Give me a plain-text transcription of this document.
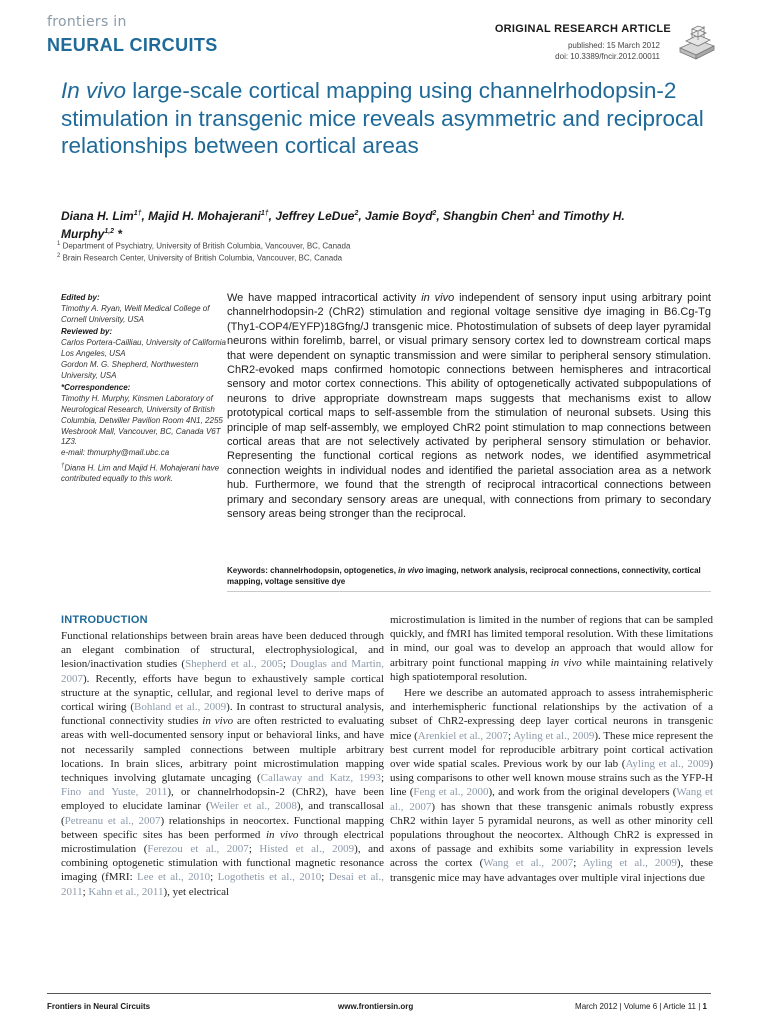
frontiers in
NEURAL CIRCUITS
ORIGINAL RESEARCH ARTICLE
published: 15 March 2012
doi: 10.3389/fncir.2012.00011
In vivo large-scale cortical mapping using channelrhodopsin-2 stimulation in transgenic mice reveals asymmetric and reciprocal relationships between cortical areas
Diana H. Lim$^{1\dagger}$, Majid H. Mohajerani$^{1\dagger}$, Jeffrey LeDue$^2$, Jamie Boyd$^2$, Shangbin Chen$^1$ and Timothy H. Murphy$^{1,2}$ *
$^1$ Department of Psychiatry, University of British Columbia, Vancouver, BC, Canada
$^2$ Brain Research Center, University of British Columbia, Vancouver, BC, Canada

Edited by:

Timothy A. Ryan, Weill Medical College of Cornell University, USA

Reviewed by:

Carlos Portera-Cailliau, University of California Los Angeles, USA

Gordon M. G. Shepherd, Northwestern University, USA

*Correspondence:

Timothy H. Murphy, Kinsmen Laboratory of Neurological Research, University of British Columbia, Detwiller Pavilion Room 4N1, 2255 Wesbrook Mall, Vancouver, BC, Canada V6T 1Z3.

e-mail: thmurphy@mail.ubc.ca

†Diana H. Lim and Majid H. Mohajerani have contributed equally to this work.

We have mapped intracortical activity in vivo independent of sensory input using arbitrary point channelrhodopsin-2 (ChR2) stimulation and regional voltage sensitive dye imaging in B6.Cg-Tg (Thy1-COP4/EYFP)18Gfng/J transgenic mice. Photostimulation of subsets of deep layer pyramidal neurons within forelimb, barrel, or visual primary sensory cortex led to downstream cortical maps that were dependent on synaptic transmission and were similar to peripheral sensory stimulation. ChR2-evoked maps confirmed homotopic connections between hemispheres and intracortical sensory and motor cortex connections. This ability of optogenetically activated subpopulations of neurons to drive appropriate downstream maps suggests that mechanisms exist to allow prototypical cortical maps to self-assemble from the stimulation of neuronal subsets. Using this principle of map self-assembly, we employed ChR2 point stimulation to map connections between cortical areas that are not selectively activated by peripheral sensory stimulation or behavior. Representing the functional cortical regions as network nodes, we identified asymmetrical connection weights in individual nodes and identified the parietal association area as a network hub. Furthermore, we found that the strength of reciprocal intracortical connections between primary and secondary sensory areas are unequal, with connections from primary to secondary sensory areas being stronger than the reciprocal.

Keywords: channelrhodopsin, optogenetics, in vivo imaging, network analysis, reciprocal connections, connectivity, cortical mapping, voltage sensitive dye
INTRODUCTION

Functional relationships between brain areas have been deduced through an elegant combination of structural, electrophysiological, and lesion/inactivation studies (Shepherd et al., 2005; Douglas and Martin, 2007). Recently, efforts have begun to exhaustively sample cortical structure at the synaptic, cellular, and regional level to derive maps of cortical wiring (Bohland et al., 2009). In contrast to structural analysis, functional connectivity studies in vivo are often restricted to evaluating areas with well-documented sensory input or behavioral links, and have not necessarily sampled connections between multiple arbitrary locations. In brain slices, arbitrary point microstimulation mapping techniques involving glutamate uncaging (Callaway and Katz, 1993; Fino and Yuste, 2011), or channelrhodopsin-2 (ChR2), have been employed to elucidate laminar (Weiler et al., 2008), and transcallosal (Petreanu et al., 2007) relationships in neocortex. Functional mapping between specific sites has been performed in vivo through electrical microstimulation (Ferezou et al., 2007; Histed et al., 2009), and combining optogenetic stimulation with functional magnetic resonance imaging (fMRI: Lee et al., 2010; Logothetis et al., 2010; Desai et al., 2011; Kahn et al., 2011), yet electrical

microstimulation is limited in the number of regions that can be sampled quickly, and fMRI has limited temporal resolution. With these limitations in mind, our goal was to develop an approach that would allow for arbitrary point functional mapping in vivo while maintaining relatively high spatiotemporal resolution.

Here we describe an automated approach to assess intrahemispheric and interhemispheric functional relationships by the activation of a subset of ChR2-expressing deep layer cortical neurons in transgenic mice (Arenkiel et al., 2007; Ayling et al., 2009). These mice represent the best current model for reproducible arbitrary point cortical activation over wide spatial scales. Previous work by our lab (Ayling et al., 2009) using comparisons to other well known mouse strains such as the YFP-H line (Feng et al., 2000), and work from the original developers (Wang et al., 2007) has shown that these transgenic animals robustly express ChR2 within layer 5 pyramidal neurons, as well as other minority cell populations throughout the neocortex. Although ChR2 is expressed in axons of passage and exhibits some variability in expression levels across the cortex (Wang et al., 2007; Ayling et al., 2009), these transgenic mice may have advantages over multiple viral injections due

Frontiers in Neural Circuits	www.frontiersin.org	March 2012 | Volume 6 | Article 11 | 1
